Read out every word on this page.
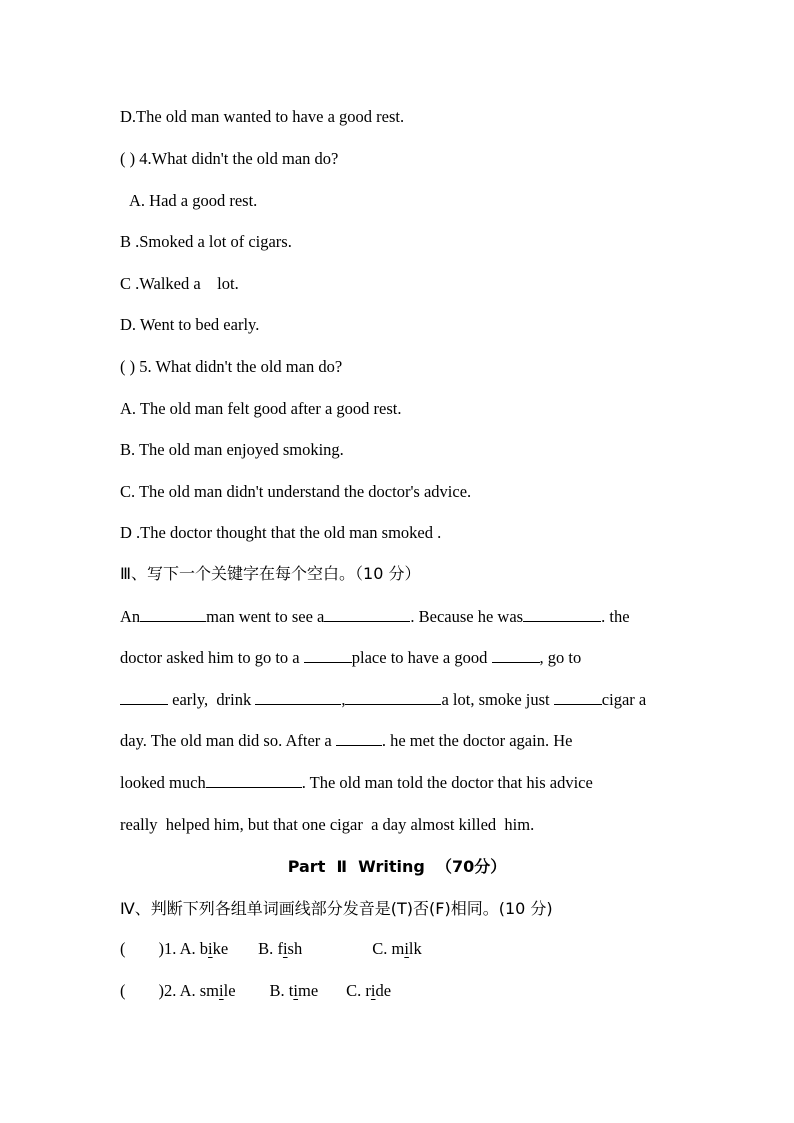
D.The old man wanted to have a good rest.
( ) 4.What didn't the old man do?
A. Had a good rest.
B .Smoked a lot of cigars.
C .Walked a    lot.
D. Went to bed early.
( ) 5. What didn't the old man do?
A. The old man felt good after a good rest.
B. The old man enjoyed smoking.
C. The old man didn't understand the doctor's advice.
D .The doctor thought that the old man smoked .
Ⅲ、写下一个关键字在每个空白。（10 分）
An	man went to see a	. Because he was	. the
doctor asked him to go to a	place to have a good	, go to
early,  drink	,	a lot, smoke just	cigar a
day. The old man did so. After a	. he met the doctor again. He
looked much	. The old man told the doctor that his advice
really  helped him, but that one cigar  a day almost killed  him.
Part  Ⅱ  Writing  （70分）
Ⅳ、判断下列各组单词画线部分发音是(T)否(F)相同。(10 分)
(        )1. A. bike B. fish	C. milk
(        )2. A. smile B. time C. ride
